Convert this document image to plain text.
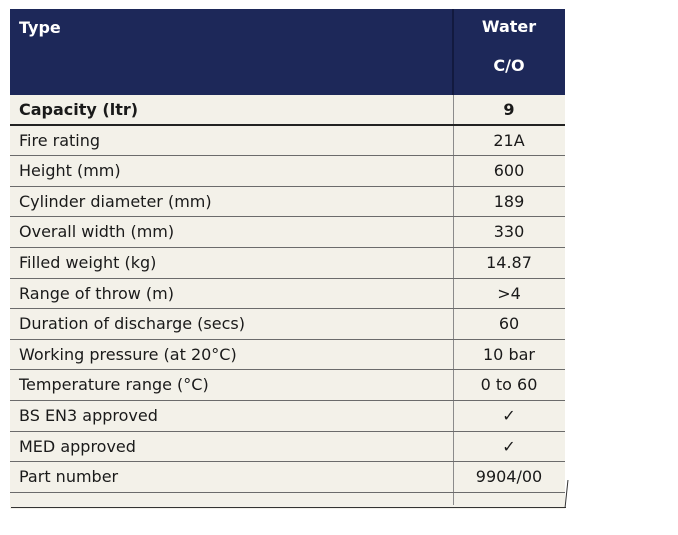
Type	Water
C/O
Capacity (ltr)	9
Fire rating	21A
Height (mm)	600
Cylinder diameter (mm)	189
Overall width (mm)	330
Filled weight (kg)	14.87
Range of throw (m)	>4
Duration of discharge (secs)	60
Working pressure (at 20°C)	10 bar
Temperature range (°C)	0 to 60
BS EN3 approved	✓
MED approved	✓
Part number	9904/00
